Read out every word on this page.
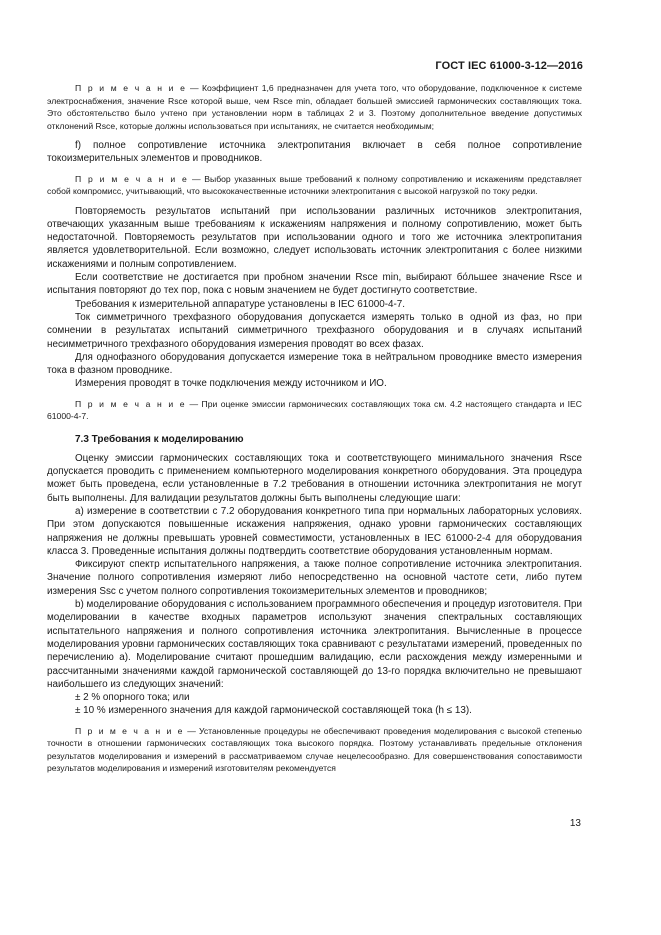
ГОСТ IEC 61000-3-12—2016

П р и м е ч а н и е — Коэффициент 1,6 предназначен для учета того, что оборудование, подключенное к системе электроснабжения, значение Rsce которой выше, чем Rsce min, обладает большей эмиссией гармонических составляющих тока. Это обстоятельство было учтено при установлении норм в таблицах 2 и 3. Поэтому дополнительное введение допустимых отклонений Rsce, которые должны использоваться при испытаниях, не считается необходимым;

f) полное сопротивление источника электропитания включает в себя полное сопротивление токоизмерительных элементов и проводников.

П р и м е ч а н и е — Выбор указанных выше требований к полному сопротивлению и искажениям представляет собой компромисс, учитывающий, что высококачественные источники электропитания с высокой нагрузкой по току редки.

Повторяемость результатов испытаний при использовании различных источников электропитания, отвечающих указанным выше требованиям к искажениям напряжения и полному сопротивлению, может быть недостаточной. Повторяемость результатов при использовании одного и того же источника электропитания является удовлетворительной. Если возможно, следует использовать источник электропитания с более низкими искажениями и полным сопротивлением.

Если соответствие не достигается при пробном значении Rsce min, выбирают бо́льшее значение Rsce и испытания повторяют до тех пор, пока с новым значением не будет достигнуто соответствие.

Требования к измерительной аппаратуре установлены в IEC 61000-4-7.

Ток симметричного трехфазного оборудования допускается измерять только в одной из фаз, но при сомнении в результатах испытаний симметричного трехфазного оборудования и в случаях испытаний несимметричного трехфазного оборудования измерения проводят во всех фазах.

Для однофазного оборудования допускается измерение тока в нейтральном проводнике вместо измерения тока в фазном проводнике.

Измерения проводят в точке подключения между источником и ИО.

П р и м е ч а н и е — При оценке эмиссии гармонических составляющих тока см. 4.2 настоящего стандарта и IEC 61000-4-7.

7.3 Требования к моделированию

Оценку эмиссии гармонических составляющих тока и соответствующего минимального значения Rsce допускается проводить с применением компьютерного моделирования конкретного оборудования. Эта процедура может быть проведена, если установленные в 7.2 требования в отношении источника электропитания не могут быть выполнены. Для валидации результатов должны быть выполнены следующие шаги:

а) измерение в соответствии с 7.2 оборудования конкретного типа при нормальных лабораторных условиях. При этом допускаются повышенные искажения напряжения, однако уровни гармонических составляющих напряжения не должны превышать уровней совместимости, установленных в IEC 61000-2-4 для оборудования класса 3. Проведенные испытания должны подтвердить соответствие оборудования установленным нормам.

Фиксируют спектр испытательного напряжения, а также полное сопротивление источника электропитания. Значение полного сопротивления измеряют либо непосредственно на основной частоте сети, либо путем измерения Ssc с учетом полного сопротивления токоизмерительных элементов и проводников;

b) моделирование оборудования с использованием программного обеспечения и процедур изготовителя. При моделировании в качестве входных параметров используют значения спектральных составляющих испытательного напряжения и полного сопротивления источника электропитания. Вычисленные в процессе моделирования уровни гармонических составляющих тока сравнивают с результатами измерений, проведенных по перечислению а). Моделирование считают прошедшим валидацию, если расхождения между измеренными и рассчитанными значениями каждой гармонической составляющей до 13-го порядка включительно не превышают наибольшего из следующих значений:

± 2 % опорного тока; или

± 10 % измеренного значения для каждой гармонической составляющей тока (h ≤ 13).

П р и м е ч а н и е — Установленные процедуры не обеспечивают проведения моделирования с высокой степенью точности в отношении гармонических составляющих тока высокого порядка. Поэтому устанавливать предельные отклонения результатов моделирования и измерений в рассматриваемом случае нецелесообразно. Для совершенствования сопоставимости результатов моделирования и измерений изготовителям рекомендуется

13
